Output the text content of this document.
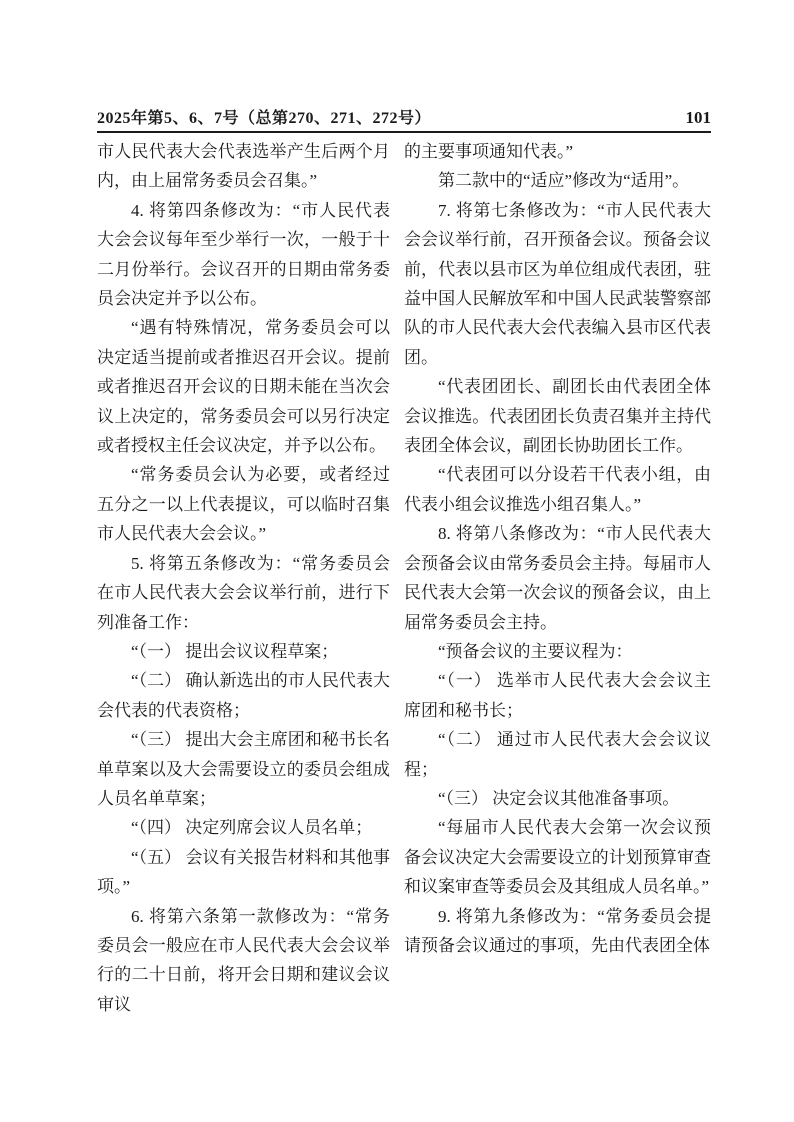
2025年第5、6、7号（总第270、271、272号）	101

市人民代表大会代表选举产生后两个月内，由上届常务委员会召集。”

4. 将第四条修改为：“市人民代表大会会议每年至少举行一次，一般于十二月份举行。会议召开的日期由常务委员会决定并予以公布。

“遇有特殊情况，常务委员会可以决定适当提前或者推迟召开会议。提前或者推迟召开会议的日期未能在当次会议上决定的，常务委员会可以另行决定或者授权主任会议决定，并予以公布。

“常务委员会认为必要，或者经过五分之一以上代表提议，可以临时召集市人民代表大会会议。”

5. 将第五条修改为：“常务委员会在市人民代表大会会议举行前，进行下列准备工作：

“（一） 提出会议议程草案；

“（二） 确认新选出的市人民代表大会代表的代表资格；

“（三） 提出大会主席团和秘书长名单草案以及大会需要设立的委员会组成人员名单草案；

“（四） 决定列席会议人员名单；

“（五） 会议有关报告材料和其他事项。”

6. 将第六条第一款修改为：“常务委员会一般应在市人民代表大会会议举行的二十日前，将开会日期和建议会议审议

的主要事项通知代表。”

第二款中的“适应”修改为“适用”。

7. 将第七条修改为：“市人民代表大会会议举行前，召开预备会议。预备会议前，代表以县市区为单位组成代表团，驻益中国人民解放军和中国人民武装警察部队的市人民代表大会代表编入县市区代表团。

“代表团团长、副团长由代表团全体会议推选。代表团团长负责召集并主持代表团全体会议，副团长协助团长工作。

“代表团可以分设若干代表小组，由代表小组会议推选小组召集人。”

8. 将第八条修改为：“市人民代表大会预备会议由常务委员会主持。每届市人民代表大会第一次会议的预备会议，由上届常务委员会主持。

“预备会议的主要议程为：

“（一） 选举市人民代表大会会议主席团和秘书长；

“（二） 通过市人民代表大会会议议程；

“（三） 决定会议其他准备事项。

“每届市人民代表大会第一次会议预备会议决定大会需要设立的计划预算审查和议案审查等委员会及其组成人员名单。”

9. 将第九条修改为：“常务委员会提请预备会议通过的事项，先由代表团全体
